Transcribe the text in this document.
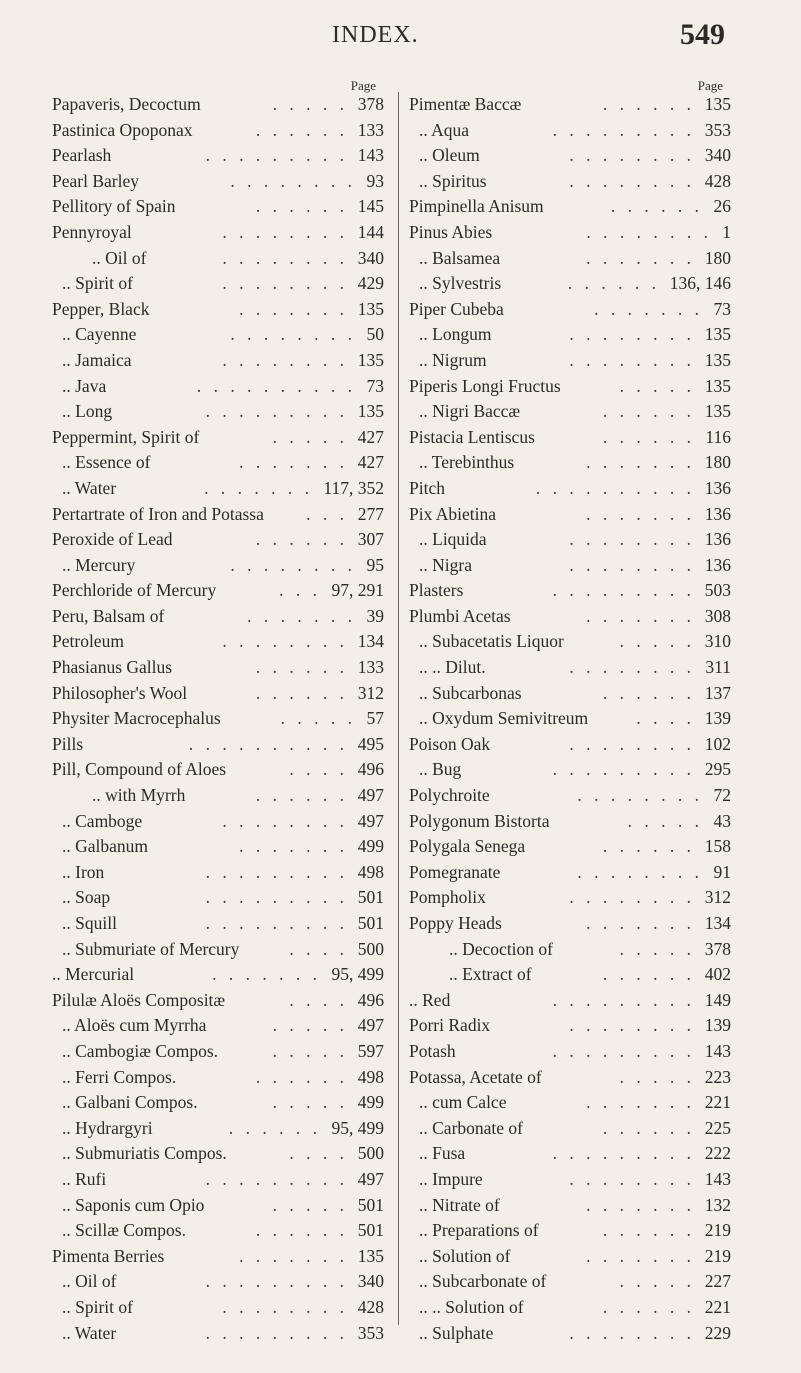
INDEX.	549
Page
Papaveris, Decoctum	378
. . . . .
Pastinica Opoponax	133
. . . . . .
Pearlash	143
. . . . . . . . .
Pearl Barley	93
. . . . . . . .
Pellitory of Spain	145
. . . . . .
Pennyroyal	144
. . . . . . . .
.. Oil of	340
. . . . . . . .
.. Spirit of	429
. . . . . . . .
Pepper, Black	135
. . . . . . .
.. Cayenne	50
. . . . . . . .
.. Jamaica	135
. . . . . . . .
.. Java	73
. . . . . . . . . .
.. Long	135
. . . . . . . . .
Peppermint, Spirit of	427
. . . . .
.. Essence of	427
. . . . . . .
.. Water	117, 352
. . . . . . .
Pertartrate of Iron and Potassa	277
. . .
Peroxide of Lead	307
. . . . . .
.. Mercury	95
. . . . . . . .
Perchloride of Mercury	97, 291
. . .
Peru, Balsam of	39
. . . . . . .
Petroleum	134
. . . . . . . .
Phasianus Gallus	133
. . . . . .
Philosopher's Wool	312
. . . . . .
Physiter Macrocephalus	57
. . . . .
Pills	495
. . . . . . . . . .
Pill, Compound of Aloes	496
. . . .
.. with Myrrh	497
. . . . . .
.. Camboge	497
. . . . . . . .
.. Galbanum	499
. . . . . . .
.. Iron	498
. . . . . . . . .
.. Soap	501
. . . . . . . . .
.. Squill	501
. . . . . . . . .
.. Submuriate of Mercury	500
. . . .
.. Mercurial	95, 499
. . . . . . .
Pilulæ Aloës Compositæ	496
. . . .
.. Aloës cum Myrrha	497
. . . . .
.. Cambogiæ Compos.	597
. . . . .
.. Ferri Compos.	498
. . . . . .
.. Galbani Compos.	499
. . . . .
.. Hydrargyri	95, 499
. . . . . .
.. Submuriatis Compos.	500
. . . .
.. Rufi	497
. . . . . . . . .
.. Saponis cum Opio	501
. . . . .
.. Scillæ Compos.	501
. . . . . .
Pimenta Berries	135
. . . . . . .
.. Oil of	340
. . . . . . . . .
.. Spirit of	428
. . . . . . . .
.. Water	353
. . . . . . . . .
Page
Pimentæ Baccæ	135
. . . . . .
.. Aqua	353
. . . . . . . . .
.. Oleum	340
. . . . . . . .
.. Spiritus	428
. . . . . . . .
Pimpinella Anisum	26
. . . . . .
Pinus Abies	1
. . . . . . . .
.. Balsamea	180
. . . . . . .
.. Sylvestris	136, 146
. . . . . .
Piper Cubeba	73
. . . . . . .
.. Longum	135
. . . . . . . .
.. Nigrum	135
. . . . . . . .
Piperis Longi Fructus	135
. . . . .
.. Nigri Baccæ	135
. . . . . .
Pistacia Lentiscus	116
. . . . . .
.. Terebinthus	180
. . . . . . .
Pitch	136
. . . . . . . . . .
Pix Abietina	136
. . . . . . .
.. Liquida	136
. . . . . . . .
.. Nigra	136
. . . . . . . .
Plasters	503
. . . . . . . . .
Plumbi Acetas	308
. . . . . . .
.. Subacetatis Liquor	310
. . . . .
.. .. Dilut.	311
. . . . . . . .
.. Subcarbonas	137
. . . . . .
.. Oxydum Semivitreum	139
. . . .
Poison Oak	102
. . . . . . . .
.. Bug	295
. . . . . . . . .
Polychroite	72
. . . . . . . .
Polygonum Bistorta	43
. . . . .
Polygala Senega	158
. . . . . .
Pomegranate	91
. . . . . . . .
Pompholix	312
. . . . . . . .
Poppy Heads	134
. . . . . . .
.. Decoction of	378
. . . . .
.. Extract of	402
. . . . . .
.. Red	149
. . . . . . . . .
Porri Radix	139
. . . . . . . .
Potash	143
. . . . . . . . .
Potassa, Acetate of	223
. . . . .
.. cum Calce	221
. . . . . . .
.. Carbonate of	225
. . . . . .
.. Fusa	222
. . . . . . . . .
.. Impure	143
. . . . . . . .
.. Nitrate of	132
. . . . . . .
.. Preparations of	219
. . . . . .
.. Solution of	219
. . . . . . .
.. Subcarbonate of	227
. . . . .
.. .. Solution of	221
. . . . . .
.. Sulphate	229
. . . . . . . .
